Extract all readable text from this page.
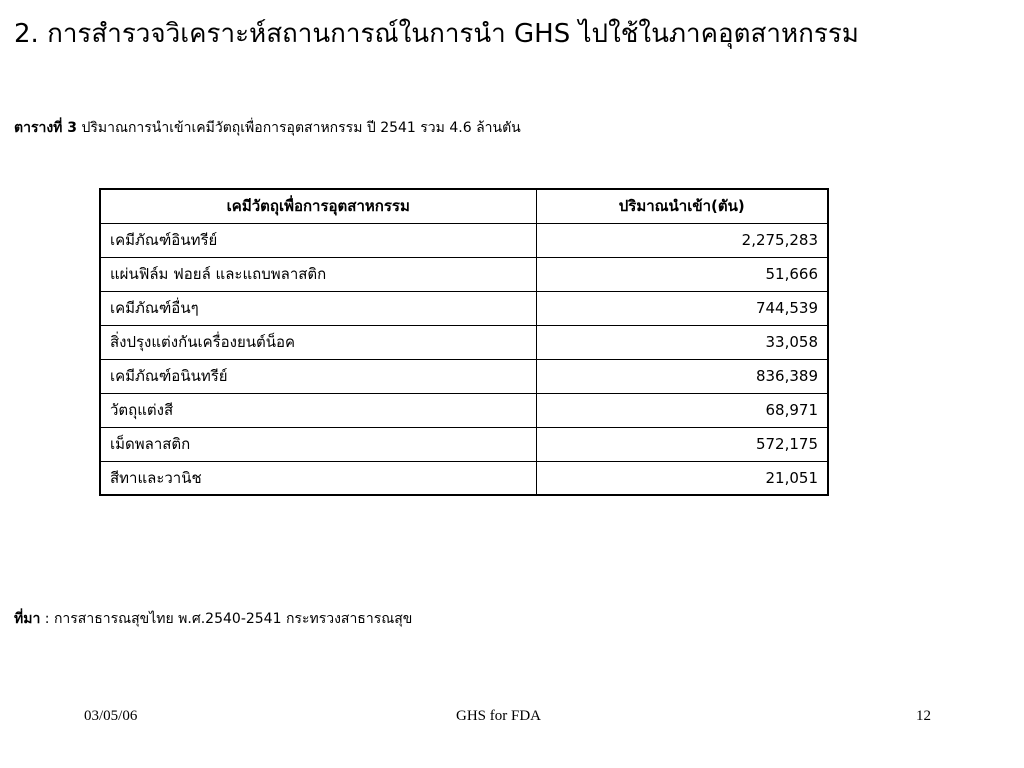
2. การสำรวจวิเคราะห์สถานการณ์ในการนำ GHS ไปใช้ในภาคอุตสาหกรรม
ตารางที่ 3 ปริมาณการนำเข้าเคมีวัตถุเพื่อการอุตสาหกรรม ปี 2541 รวม 4.6 ล้านตัน
เคมีวัตถุเพื่อการอุตสาหกรรม	ปริมาณนำเข้า(ตัน)
เคมีภัณฑ์อินทรีย์	2,275,283
แผ่นฟิล์ม ฟอยล์ และแถบพลาสติก	51,666
เคมีภัณฑ์อื่นๆ	744,539
สิ่งปรุงแต่งกันเครื่องยนต์น็อค	33,058
เคมีภัณฑ์อนินทรีย์	836,389
วัตถุแต่งสี	68,971
เม็ดพลาสติก	572,175
สีทาและวานิช	21,051
ที่มา : การสาธารณสุขไทย พ.ศ.2540-2541 กระทรวงสาธารณสุข
03/05/06	GHS for FDA	12
